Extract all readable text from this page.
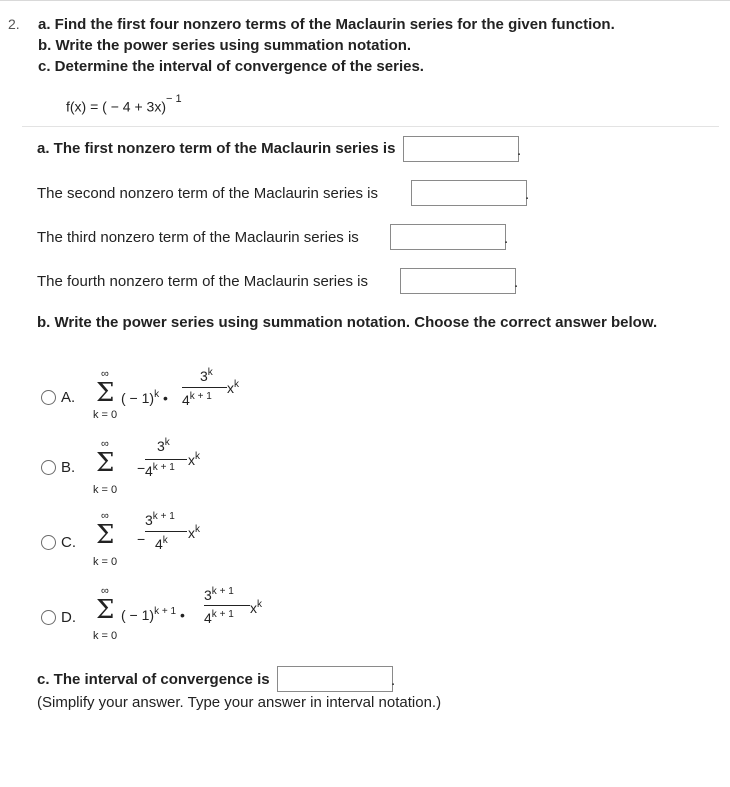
2. a. Find the first four nonzero terms of the Maclaurin series for the given function.
b. Write the power series using summation notation.
c. Determine the interval of convergence of the series.
f(x) = ( − 4 + 3x)$^{- 1}$
a. The first nonzero term of the Maclaurin series is	.
The second nonzero term of the Maclaurin series is	.
The third nonzero term of the Maclaurin series is	.
The fourth nonzero term of the Maclaurin series is	.
b. Write the power series using summation notation. Choose the correct answer below.
A.
∞
Σ
k = 0
( − 1)$^k$ •
3$^k$
$4^{k + 1}$
$x^k$
B.
∞
Σ
k = 0
−
$3^k$
$4^{k + 1}$ $x^k$
C.
∞
Σ
k = 0
−
$3^{k + 1}$
4$^k$ $x^k$
D.
∞
Σ
k = 0
( − 1)$^{k + 1}$ •
$3^{k + 1}$
$4^{k + 1}$ $x^k$
c. The interval of convergence is	.
(Simplify your answer. Type your answer in interval notation.)
